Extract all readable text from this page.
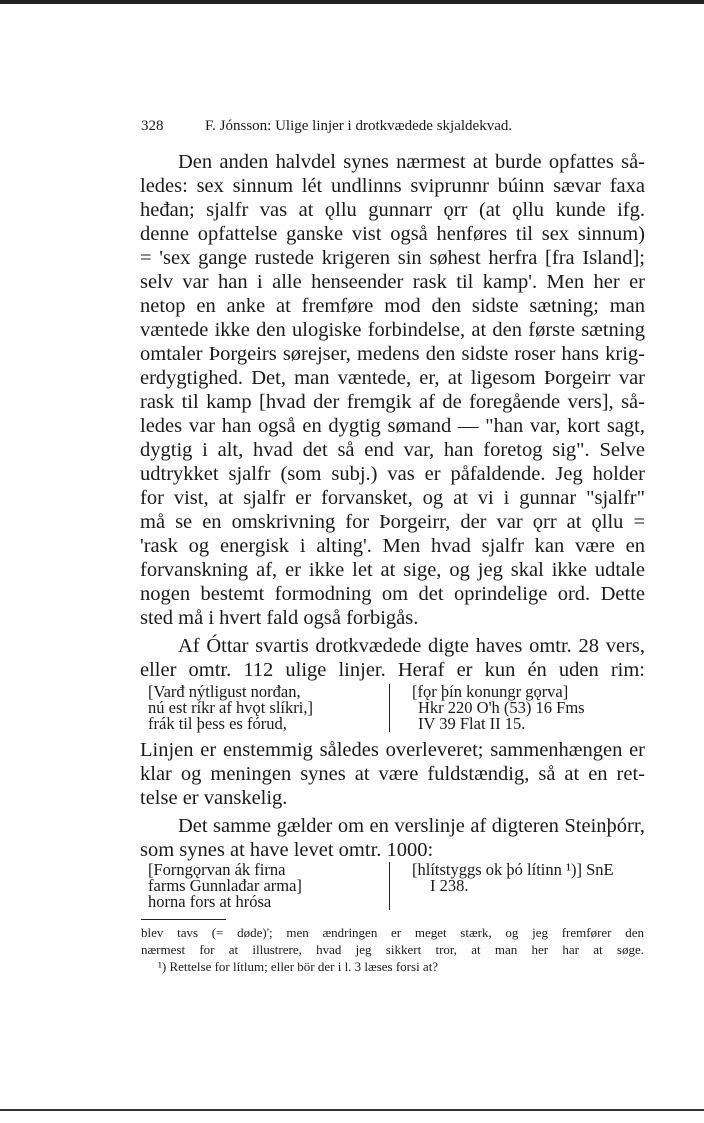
328	F. Jónsson: Ulige linjer i drotkvædede skjaldekvad.
Den anden halvdel synes nærmest at burde opfattes så-
ledes: sex sinnum lét undlinns sviprunnr búinn sævar faxa
heđan; sjalfr vas at ǫllu gunnarr ǫrr (at ǫllu kunde ifg.
denne opfattelse ganske vist også henføres til sex sinnum)
= 'sex gange rustede krigeren sin søhest herfra [fra Island];
selv var han i alle henseender rask til kamp'. Men her er
netop en anke at fremføre mod den sidste sætning; man
væntede ikke den ulogiske forbindelse, at den første sætning
omtaler Þorgeirs sørejser, medens den sidste roser hans krig-
erdygtighed. Det, man væntede, er, at ligesom Þorgeirr var
rask til kamp [hvad der fremgik af de foregående vers], så-
ledes var han også en dygtig sømand — "han var, kort sagt,
dygtig i alt, hvad det så end var, han foretog sig". Selve
udtrykket sjalfr (som subj.) vas er påfaldende. Jeg holder
for vist, at sjalfr er forvansket, og at vi i gunnar "sjalfr"
må se en omskrivning for Þorgeirr, der var ǫrr at ǫllu =
'rask og energisk i alting'. Men hvad sjalfr kan være en
forvanskning af, er ikke let at sige, og jeg skal ikke udtale
nogen bestemt formodning om det oprindelige ord. Dette
sted må i hvert fald også forbigås.
Af Óttar svartis drotkvædede digte haves omtr. 28 vers,
eller omtr. 112 ulige linjer. Heraf er kun én uden rim:
[Varđ nýtligust norđan,
nú est ríkr af hvǫt slíkri,]
frák til þess es fórud,
[fǫr þín konungr gǫrva]
Hkr 220 O'h (53) 16 Fms
IV 39 Flat II 15.
Linjen er enstemmig således overleveret; sammenhængen er
klar og meningen synes at være fuldstændig, så at en ret-
telse er vanskelig.
Det samme gælder om en verslinje af digteren Steinþórr,
som synes at have levet omtr. 1000:
[Forngǫrvan ák firna
farms Gunnlađar arma]
horna fors at hrósa
[hlítstyggs ok þó lítinn ¹)] SnE
I 238.
blev tavs (= døde)'; men ændringen er meget stærk, og jeg fremfører den
nærmest for at illustrere, hvad jeg sikkert tror, at man her har at søge.
¹) Rettelse for lítlum; eller bör der i l. 3 læses forsi at?
